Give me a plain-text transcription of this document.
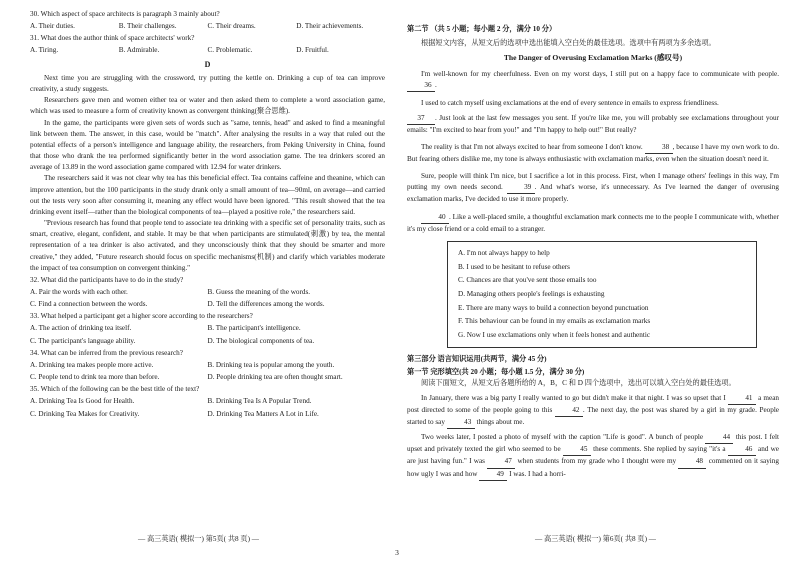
30. Which aspect of space architects is paragraph 3 mainly about?

A. Their duties.	B. Their challenges.	C. Their dreams.	D. Their achievements.

31. What does the author think of space architects' work?

A. Tiring.	B. Admirable.	C. Problematic.	D. Fruitful.

D

Next time you are struggling with the crossword, try putting the kettle on. Drinking a cup of tea can improve creativity, a study suggests.

Researchers gave men and women either tea or water and then asked them to complete a word association game, which was used to measure a form of creativity known as convergent thinking(聚合思维).

In the game, the participants were given sets of words such as "same, tennis, head" and asked to find a meaningful link between them. The answer, in this case, would be "match". After analysing the results in a way that ruled out the potential effects of a person's intelligence and language ability, the researchers, from Peking University in China, found that those who drank the tea performed significantly better in the word association game. The tea drinkers scored an average of 13.89 in the word association game compared with 12.94 for water drinkers.

The researchers said it was not clear why tea has this beneficial effect. Tea contains caffeine and theanine, which can improve attention, but the 100 participants in the study drank only a small amount of tea—90ml, on average—and carried out the tests very soon after consuming it, meaning any effect would have been ignored. "This result showed that the tea drinking event itself—rather than the biological components of tea—played a positive role," the researchers said.

"Previous research has found that people tend to associate tea drinking with a specific set of personality traits, such as smart, creative, elegant, confident, and stable. It may be that when participants are stimulated(刺激) by tea, the mental representation of a tea drinker is also activated, and they unconsciously think that they should be smarter and more creative," they added, "Future research should focus on specific mechanisms(机制) and clarify which variables moderate the impact of tea consumption on convergent thinking."

32. What did the participants have to do in the study?

A. Pair the words with each other.	B. Guess the meaning of the words.
C. Find a connection between the words.	D. Tell the differences among the words.

33. What helped a participant get a higher score according to the researchers?

A. The action of drinking tea itself.	B. The participant's intelligence.
C. The participant's language ability.	D. The biological components of tea.

34. What can be inferred from the previous research?

A. Drinking tea makes people more active.	B. Drinking tea is popular among the youth.
C. People tend to drink tea more than before.	D. People drinking tea are often thought smart.

35. Which of the following can be the best title of the text?

A. Drinking Tea Is Good for Health.	B. Drinking Tea Is A Popular Trend.
C. Drinking Tea Makes for Creativity.	D. Drinking Tea Matters A Lot in Life.
— 高三英语( 模拟一) 第5页( 共8 页) —

第二节 （共 5 小题；每小题 2 分，满分 10 分）

根据短文内容，从短文后的选项中选出能填入空白处的最佳选项。选项中有两项为多余选项。

The Danger of Overusing Exclamation Marks (感叹号)

I'm well-known for my cheerfulness. Even on my worst days, I still put on a happy face to communicate with people. 36 .

I used to catch myself using exclamations at the end of every sentence in emails to express friendliness.

37 . Just look at the last few messages you sent. If you're like me, you will probably see exclamations throughout your emails: "I'm excited to hear from you!" and "I'm happy to help out!" But really?

The reality is that I'm not always excited to hear from someone I don't know. 38 , because I have my own work to do. But fearing others dislike me, my tone is always enthusiastic with exclamation marks, even when the situation doesn't need it.

Sure, people will think I'm nice, but I sacrifice a lot in this process. First, when I manage others' feelings in this way, I'm putting my own needs second. 39 . And what's worse, it's unnecessary. As I've learned the danger of overusing exclamation marks, I've decided to use it more properly.

40 . Like a well-placed smile, a thoughtful exclamation mark connects me to the people I communicate with, whether it's my close friend or a cold email to a stranger.

A. I'm not always happy to help

B. I used to be hesitant to refuse others

C. Chances are that you've sent those emails too

D. Managing others people's feelings is exhausting

E. There are many ways to build a connection beyond punctuation

F. This behaviour can be found in my emails as exclamation marks

G. Now I use exclamations only when it feels honest and authentic

第三部分 语言知识运用(共两节，满分 45 分)

第一节 完形填空(共 20 小题；每小题 1.5 分，满分 30 分)

阅读下面短文，从短文后各题所给的 A，B，C 和 D 四个选项中，选出可以填入空白处的最佳选项。

In January, there was a big party I really wanted to go but didn't make it that night. I was so upset that I 41 a mean post directed to some of the people going to this 42 . The next day, the post was shared by a girl in my grade. People started to say 43 things about me.

Two weeks later, I posted a photo of myself with the caption "Life is good". A bunch of people 44 this post. I felt upset and privately texted the girl who seemed to be 45 these comments. She replied by saying "it's a 46 and we are just having fun." I was 47 when students from my grade who I thought were my 48 commented on it saying how ugly I was and how 49 I was. I had a horri-

— 高三英语( 模拟一) 第6页( 共8 页) —
3
